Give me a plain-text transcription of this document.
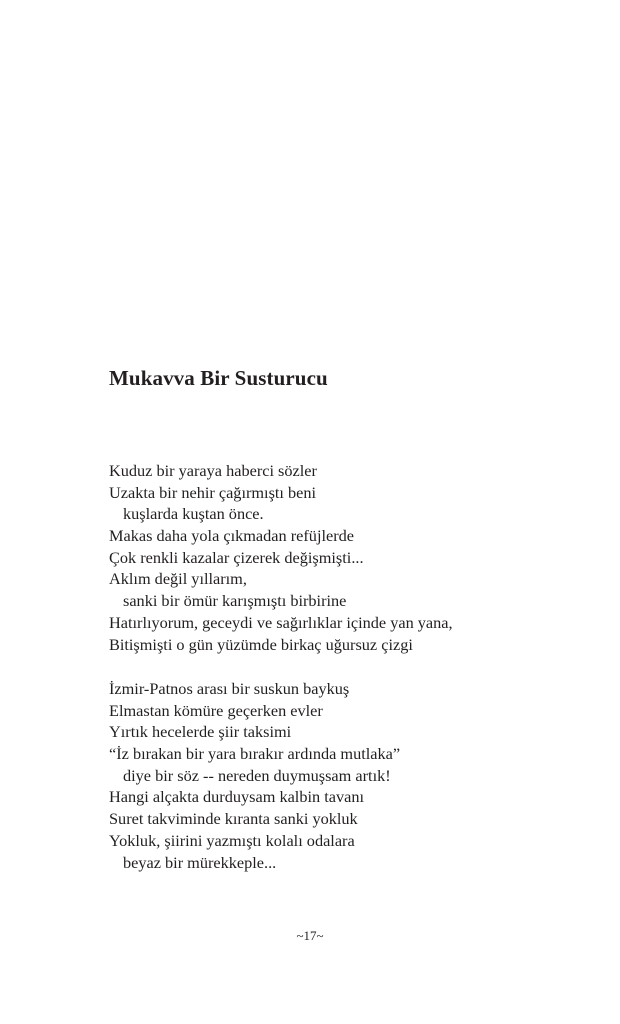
Mukavva Bir Susturucu
Kuduz bir yaraya haberci sözler
Uzakta bir nehir çağırmıştı beni
kuşlarda kuştan önce.
Makas daha yola çıkmadan refüjlerde
Çok renkli kazalar çizerek değişmişti...
Aklım değil yıllarım,
sanki bir ömür karışmıştı birbirine
Hatırlıyorum, geceydi ve sağırlıklar içinde yan yana,
Bitişmişti o gün yüzümde birkaç uğursuz çizgi
İzmir-Patnos arası bir suskun baykuş
Elmastan kömüre geçerken evler
Yırtık hecelerde şiir taksimi
“İz bırakan bir yara bırakır ardında mutlaka”
diye bir söz -- nereden duymuşsam artık!
Hangi alçakta durduysam kalbin tavanı
Suret takviminde kıranta sanki yokluk
Yokluk, şiirini yazmıştı kolalı odalara
beyaz bir mürekkeple...
~17~
